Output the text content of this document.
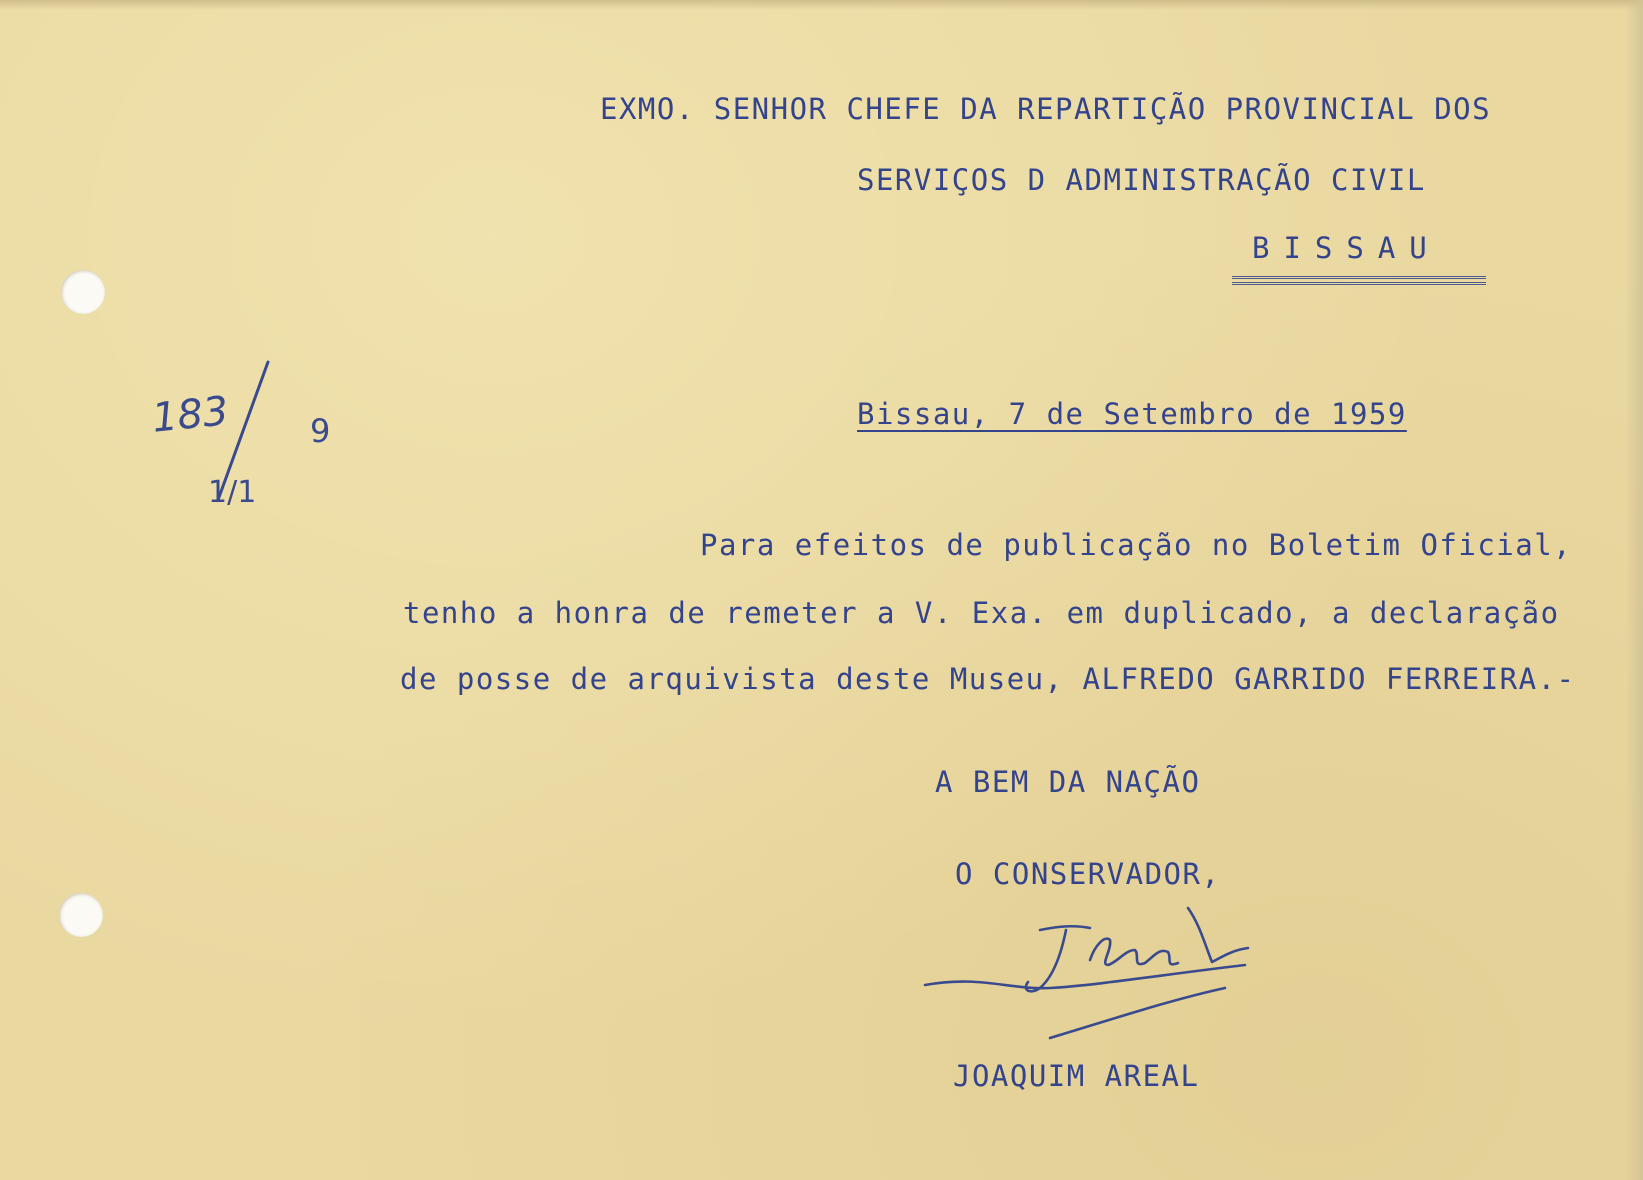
EXMO. SENHOR CHEFE DA REPARTIÇÃO PROVINCIAL DOS
SERVIÇOS D ADMINISTRAÇÃO CIVIL
BISSAU
183 9
1/1
Bissau, 7 de Setembro de 1959
Para efeitos de publicação no Boletim Oficial,
tenho a honra de remeter a V. Exa. em duplicado, a declaração
de posse de arquivista deste Museu, ALFREDO GARRIDO FERREIRA.-
A BEM DA NAÇÃO
O CONSERVADOR,
JOAQUIM AREAL
